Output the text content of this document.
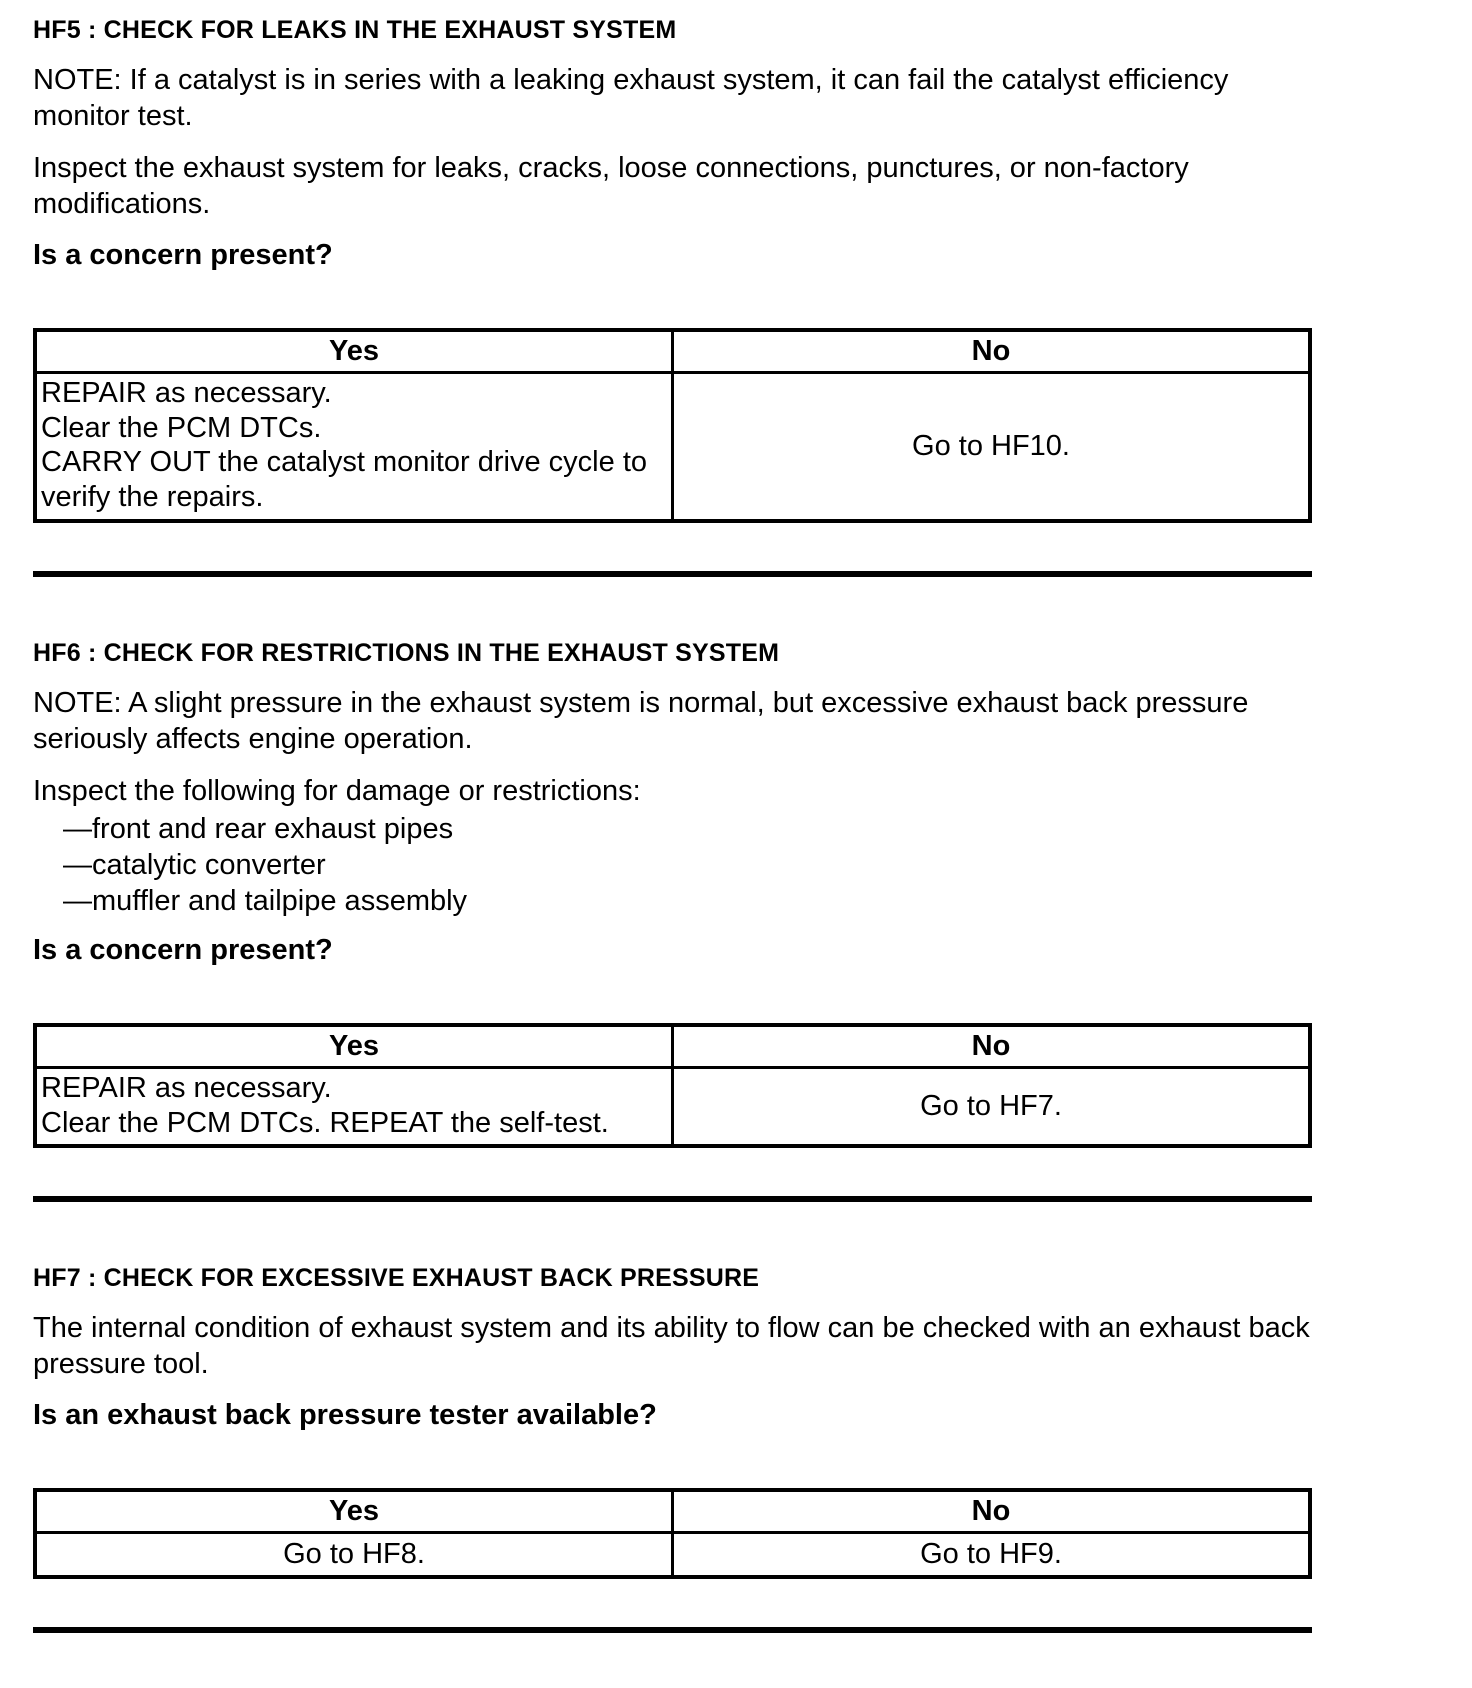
HF5 : CHECK FOR LEAKS IN THE EXHAUST SYSTEM

NOTE: If a catalyst is in series with a leaking exhaust system, it can fail the catalyst efficiency monitor test.

Inspect the exhaust system for leaks, cracks, loose connections, punctures, or non-factory modifications.

Is a concern present?

Yes	No

REPAIR as necessary.
Clear the PCM DTCs.
CARRY OUT the catalyst monitor drive cycle to verify the repairs.	Go to HF10.
HF6 : CHECK FOR RESTRICTIONS IN THE EXHAUST SYSTEM

NOTE: A slight pressure in the exhaust system is normal, but excessive exhaust back pressure seriously affects engine operation.

Inspect the following for damage or restrictions:

—front and rear exhaust pipes
—catalytic converter
—muffler and tailpipe assembly

Is a concern present?

Yes	No

REPAIR as necessary.
Clear the PCM DTCs. REPEAT the self-test.	Go to HF7.
HF7 : CHECK FOR EXCESSIVE EXHAUST BACK PRESSURE

The internal condition of exhaust system and its ability to flow can be checked with an exhaust back pressure tool.

Is an exhaust back pressure tester available?

Yes	No
Go to HF8.	Go to HF9.
